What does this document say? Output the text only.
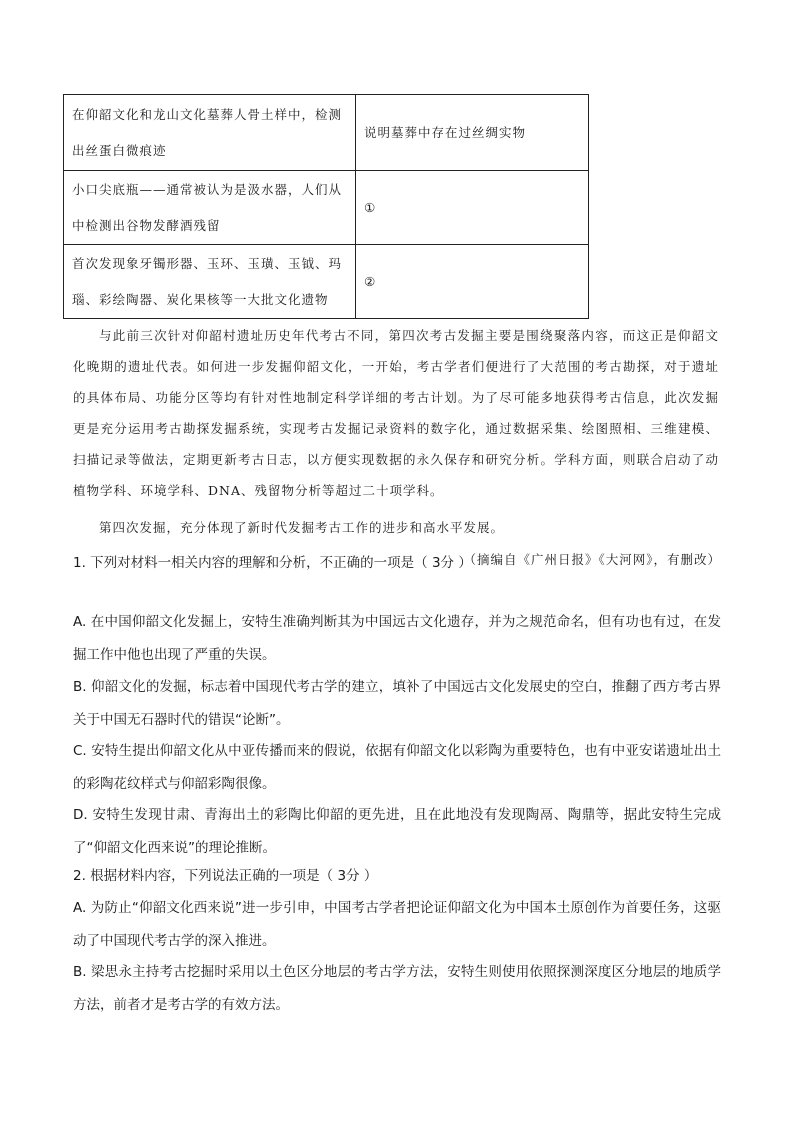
在仰韶文化和龙山文化墓葬人骨土样中，检测出丝蛋白微痕迹	说明墓葬中存在过丝绸实物
小口尖底瓶——通常被认为是汲水器，人们从中检测出谷物发酵酒残留	①
首次发现象牙镯形器、玉环、玉璜、玉钺、玛瑙、彩绘陶器、炭化果核等一大批文化遗物	②

与此前三次针对仰韶村遗址历史年代考古不同，第四次考古发掘主要是围绕聚落内容，而这正是仰韶文化晚期的遗址代表。如何进一步发掘仰韶文化，一开始，考古学者们便进行了大范围的考古勘探，对于遗址的具体布局、功能分区等均有针对性地制定科学详细的考古计划。为了尽可能多地获得考古信息，此次发掘更是充分运用考古勘探发掘系统，实现考古发掘记录资料的数字化，通过数据采集、绘图照相、三维建模、扫描记录等做法，定期更新考古日志，以方便实现数据的永久保存和研究分析。学科方面，则联合启动了动植物学科、环境学科、DNA、残留物分析等超过二十项学科。

第四次发掘，充分体现了新时代发掘考古工作的进步和高水平发展。

（摘编自《广州日报》《大河网》，有删改）

1. 下列对材料一相关内容的理解和分析，不正确的一项是（ 3分 ）

A. 在中国仰韶文化发掘上，安特生准确判断其为中国远古文化遗存，并为之规范命名，但有功也有过，在发掘工作中他也出现了严重的失误。

B. 仰韶文化的发掘，标志着中国现代考古学的建立，填补了中国远古文化发展史的空白，推翻了西方考古界关于中国无石器时代的错误“论断”。

C. 安特生提出仰韶文化从中亚传播而来的假说，依据有仰韶文化以彩陶为重要特色，也有中亚安诺遗址出土的彩陶花纹样式与仰韶彩陶很像。

D. 安特生发现甘肃、青海出土的彩陶比仰韶的更先进，且在此地没有发现陶鬲、陶鼎等，据此安特生完成了“仰韶文化西来说”的理论推断。

2. 根据材料内容，下列说法正确的一项是（ 3分 ）

A. 为防止“仰韶文化西来说”进一步引申，中国考古学者把论证仰韶文化为中国本土原创作为首要任务，这驱动了中国现代考古学的深入推进。

B. 梁思永主持考古挖掘时采用以土色区分地层的考古学方法，安特生则使用依照探测深度区分地层的地质学方法，前者才是考古学的有效方法。
